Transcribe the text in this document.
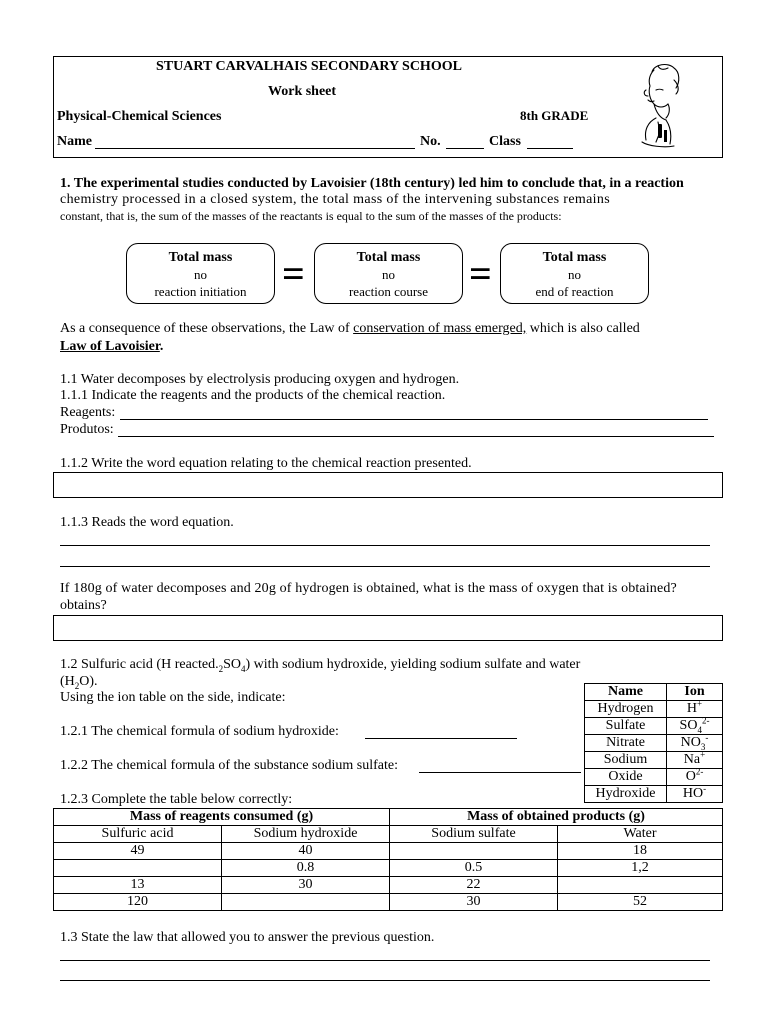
STUART CARVALHAIS SECONDARY SCHOOL
Work sheet
Physical-Chemical Sciences	8th GRADE
Name	No.	Class
1. The experimental studies conducted by Lavoisier (18th century) led him to conclude that, in a reaction
chemistry processed in a closed system, the total mass of the intervening substances remains
constant, that is, the sum of the masses of the reactants is equal to the sum of the masses of the products:
Total mass
no
reaction initiation =	Total mass
no
reaction course	=	Total mass
no
end of reaction
As a consequence of these observations, the Law of conservation of mass emerged, which is also called
Law of Lavoisier.
1.1 Water decomposes by electrolysis producing oxygen and hydrogen.
1.1.1 Indicate the reagents and the products of the chemical reaction.
Reagents:
Produtos:
1.1.2 Write the word equation relating to the chemical reaction presented.
1.1.3 Reads the word equation.
If 180g of water decomposes and 20g of hydrogen is obtained, what is the mass of oxygen that is obtained?
obtains?
1.2 Sulfuric acid (H $reacted._2SO_4$) with sodium hydroxide, yielding sodium sulfate and water
$(H_2O)$.
Using the ion table on the side, indicate:
1.2.1 The chemical formula of sodium hydroxide:
1.2.2 The chemical formula of the substance sodium sulfate:
1.2.3 Complete the table below correctly:
Name	Ion
Hydrogen	H+
Sulfate	$SO_4^{2-}$
Nitrate	$NO_3^-$
Sodium	Na+
Oxide	$O^{2-}$
Hydroxide	HO-
Mass of reagents consumed (g)		Mass of obtained products (g)	
Sulfuric acid	Sodium hydroxide	Sodium sulfate	Water
49	40		18
	0.8	0.5	1,2
13	30	22	
120		30	52
1.3 State the law that allowed you to answer the previous question.
